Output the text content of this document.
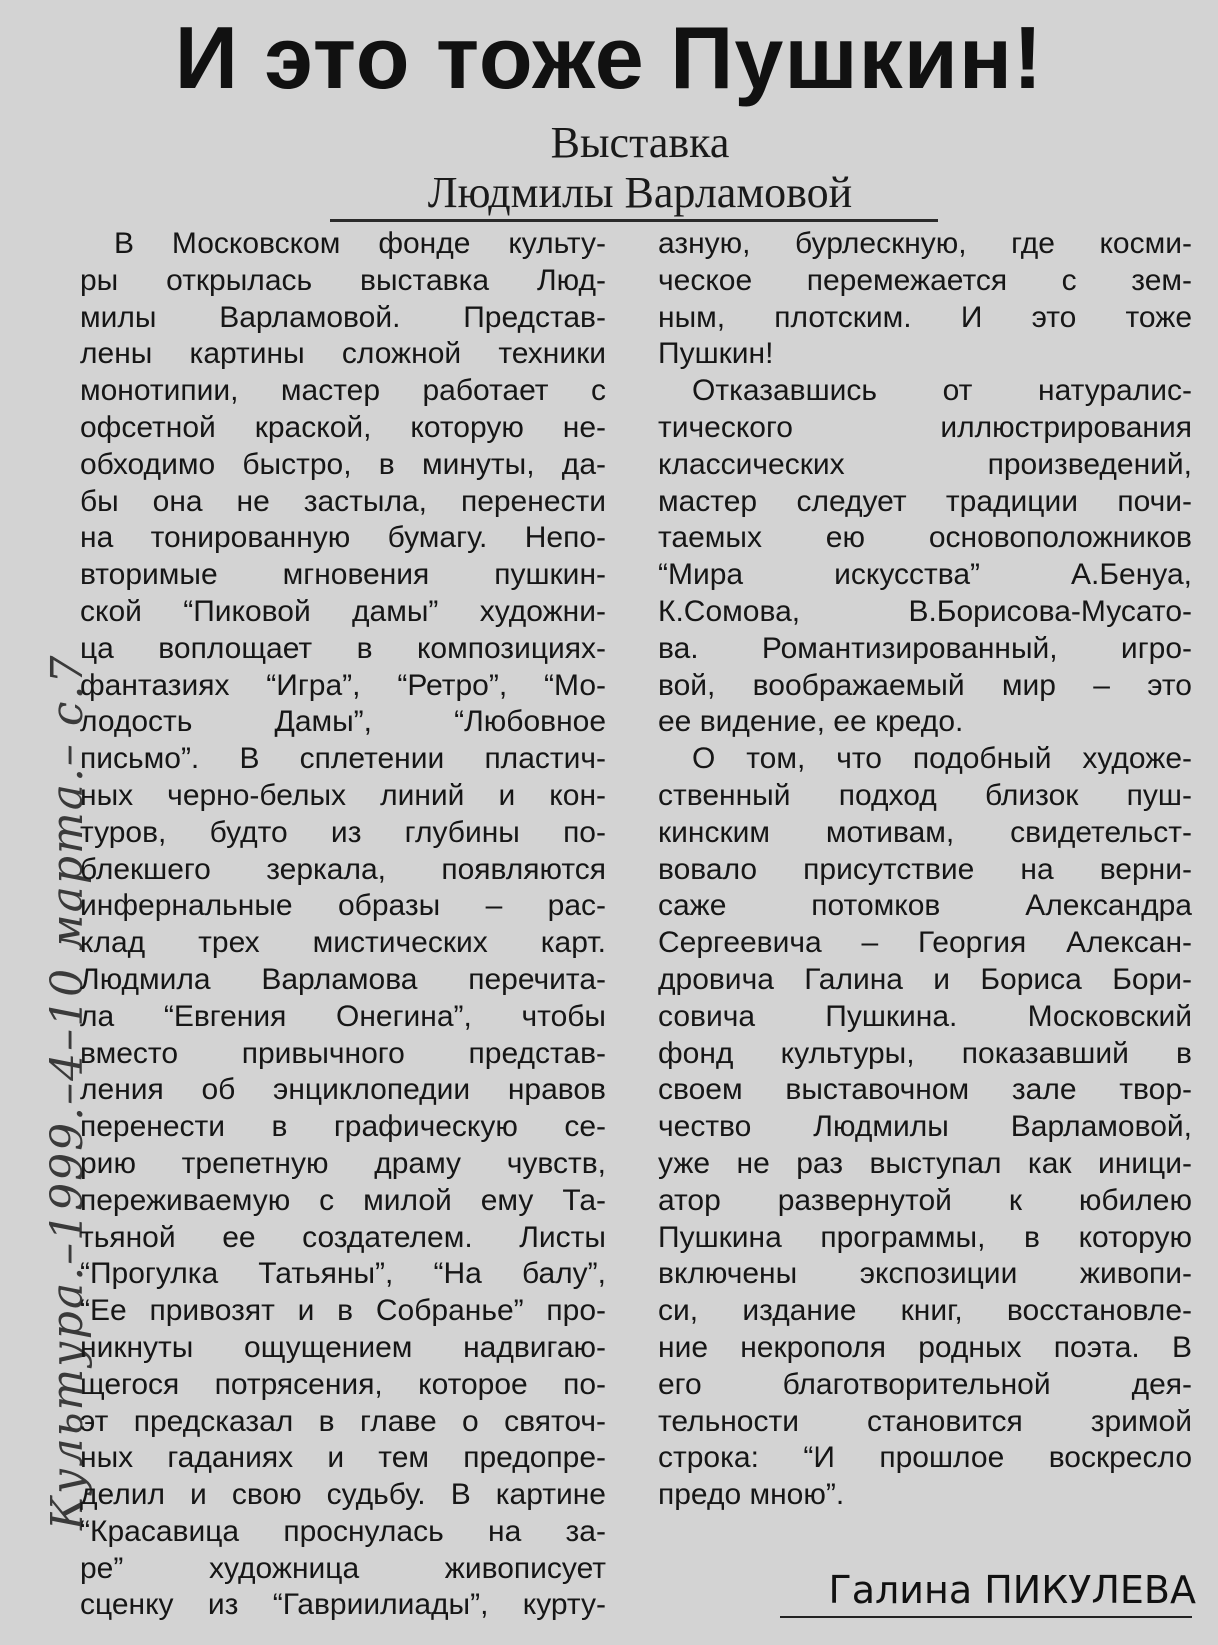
И это тоже Пушкин!
Выставка
Людмилы Варламовой
Культура.–1999.–4–10 марта.– с.7
В Московском фонде культу-
ры открылась выставка Люд-
милы Варламовой. Представ-
лены картины сложной техники
монотипии, мастер работает с
офсетной краской, которую не-
обходимо быстро, в минуты, да-
бы она не застыла, перенести
на тонированную бумагу. Непо-
вторимые мгновения пушкин-
ской “Пиковой дамы” художни-
ца воплощает в композициях-
фантазиях “Игра”, “Ретро”, “Мо-
лодость Дамы”, “Любовное
письмо”. В сплетении пластич-
ных черно-белых линий и кон-
туров, будто из глубины по-
блекшего зеркала, появляются
инфернальные образы – рас-
клад трех мистических карт.
Людмила Варламова перечита-
ла “Евгения Онегина”, чтобы
вместо привычного представ-
ления об энциклопедии нравов
перенести в графическую се-
рию трепетную драму чувств,
переживаемую с милой ему Та-
тьяной ее создателем. Листы
“Прогулка Татьяны”, “На балу”,
“Ее привозят и в Собранье” про-
никнуты ощущением надвигаю-
щегося потрясения, которое по-
эт предсказал в главе о святоч-
ных гаданиях и тем предопре-
делил и свою судьбу. В картине
“Красавица проснулась на за-
ре” художница живописует
сценку из “Гавриилиады”, курту-
азную, бурлескную, где косми-
ческое перемежается с зем-
ным, плотским. И это тоже
Пушкин!
Отказавшись от натуралис-
тического иллюстрирования
классических произведений,
мастер следует традиции почи-
таемых ею основоположников
“Мира искусства” А.Бенуа,
К.Сомова, В.Борисова-Мусато-
ва. Романтизированный, игро-
вой, воображаемый мир – это
ее видение, ее кредо.
О том, что подобный художе-
ственный подход близок пуш-
кинским мотивам, свидетельст-
вовало присутствие на верни-
саже потомков Александра
Сергеевича – Георгия Алексан-
дровича Галина и Бориса Бори-
совича Пушкина. Московский
фонд культуры, показавший в
своем выставочном зале твор-
чество Людмилы Варламовой,
уже не раз выступал как иници-
атор развернутой к юбилею
Пушкина программы, в которую
включены экспозиции живопи-
си, издание книг, восстановле-
ние некрополя родных поэта. В
его благотворительной дея-
тельности становится зримой
строка: “И прошлое воскресло
предо мною”.
Галина ПИКУЛЕВА
